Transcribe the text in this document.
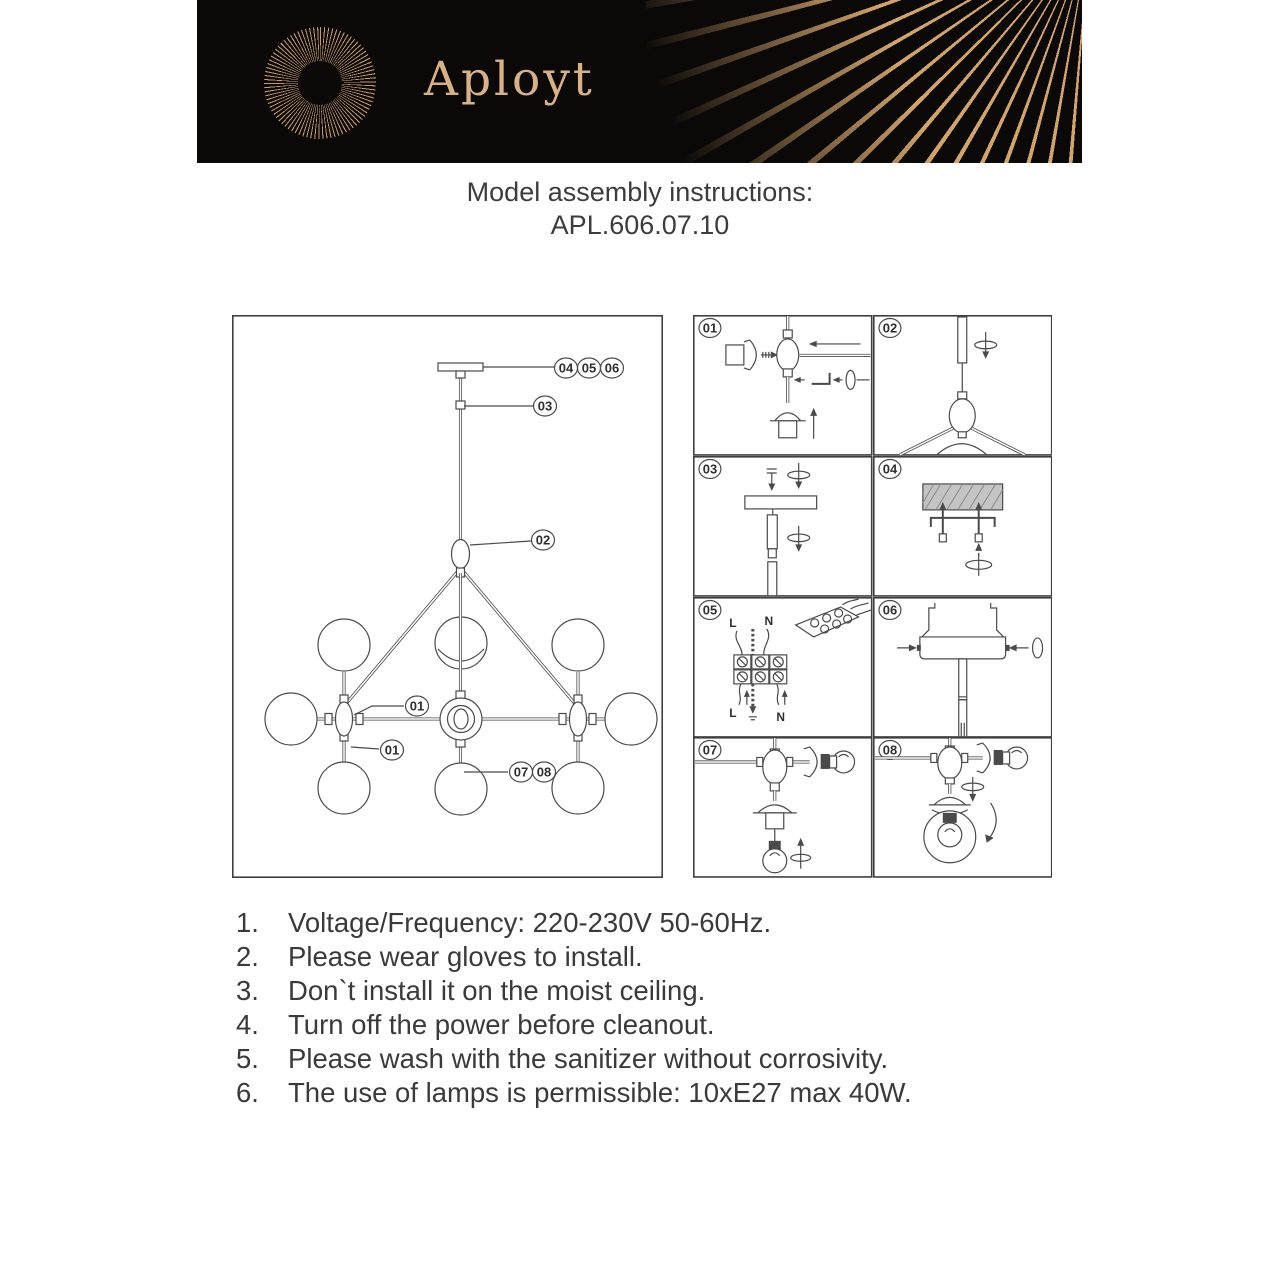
Aployt
Model assembly instructions:
APL.606.07.10
04 05 06
03
02
01
01
07 08
01	02
03	04
05
L N
L	N
06
07	08
1.	Voltage/Frequency: 220-230V 50-60Hz.
2.	Please wear gloves to install.
3.	Don`t install it on the moist ceiling.
4.	Turn off the power before cleanout.
5.	Please wash with the sanitizer without corrosivity.
6.	The use of lamps is permissible: 10xE27 max 40W.
